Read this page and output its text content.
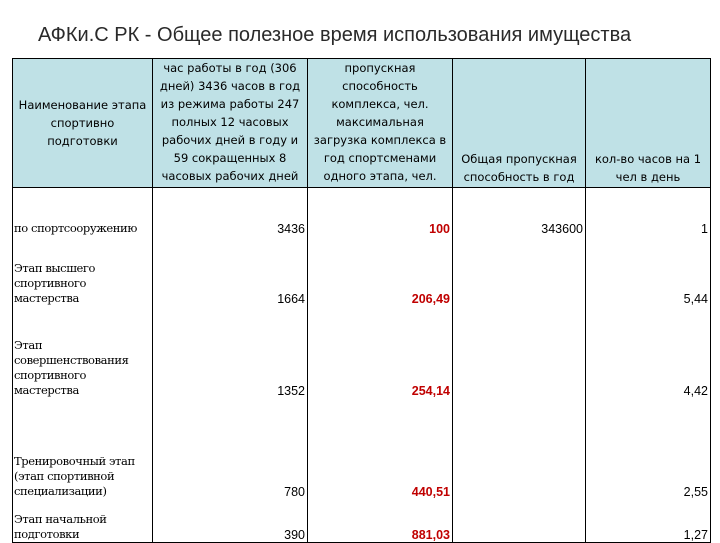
АФКи.С РК - Общее полезное время использования имущества
Наименование этапа спортивно подготовки	час работы в год (306 дней) 3436 часов в год из режима работы 247 полных 12 часовых рабочих дней в году и 59 сокращенных 8 часовых рабочих дней	пропускная способность комплекса, чел. максимальная загрузка комплекса в год спортсменами одного этапа, чел.	Общая пропускная способность в год	кол-во часов на 1 чел в день
по спортсооружению	3436	100	343600	1
Этап высшего спортивного мастерства	1664	206,49		5,44
Этап совершенствования спортивного мастерства	1352	254,14		4,42
Тренировочный этап (этап спортивной специализации)	780	440,51		2,55
Этап начальной подготовки	390	881,03		1,27
